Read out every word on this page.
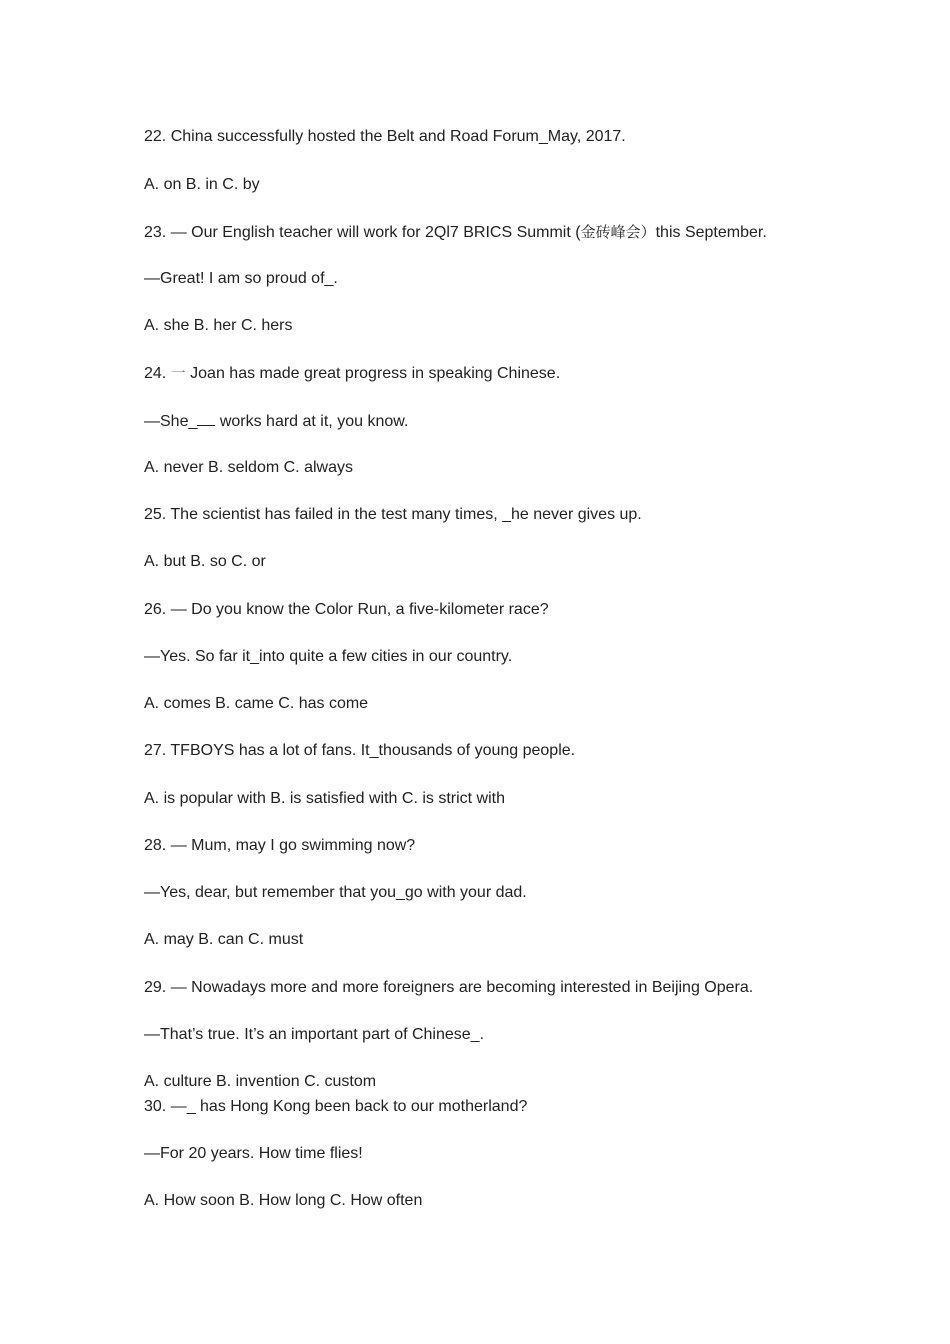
22. China successfully hosted the Belt and Road Forum_May, 2017.
A. on B. in C. by
23. — Our English teacher will work for 2Ql7 BRICS Summit (金砖峰会）this September.
—Great! I am so proud of_.
A. she B. her C. hers
24. 一 Joan has made great progress in speaking Chinese.
—She_ works hard at it, you know.
A. never B. seldom C. always
25. The scientist has failed in the test many times, _he never gives up.
A. but B. so C. or
26. — Do you know the Color Run, a five-kilometer race?
—Yes. So far it_into quite a few cities in our country.
A. comes B. came C. has come
27. TFBOYS has a lot of fans. It_thousands of young people.
A. is popular with B. is satisfied with C. is strict with
28. — Mum, may I go swimming now?
—Yes, dear, but remember that you_go with your dad.
A. may B. can C. must
29. — Nowadays more and more foreigners are becoming interested in Beijing Opera.
—That’s true. It’s an important part of Chinese_.
A. culture B. invention C. custom
30. —_ has Hong Kong been back to our motherland?
—For 20 years. How time flies!
A. How soon B. How long C. How often
